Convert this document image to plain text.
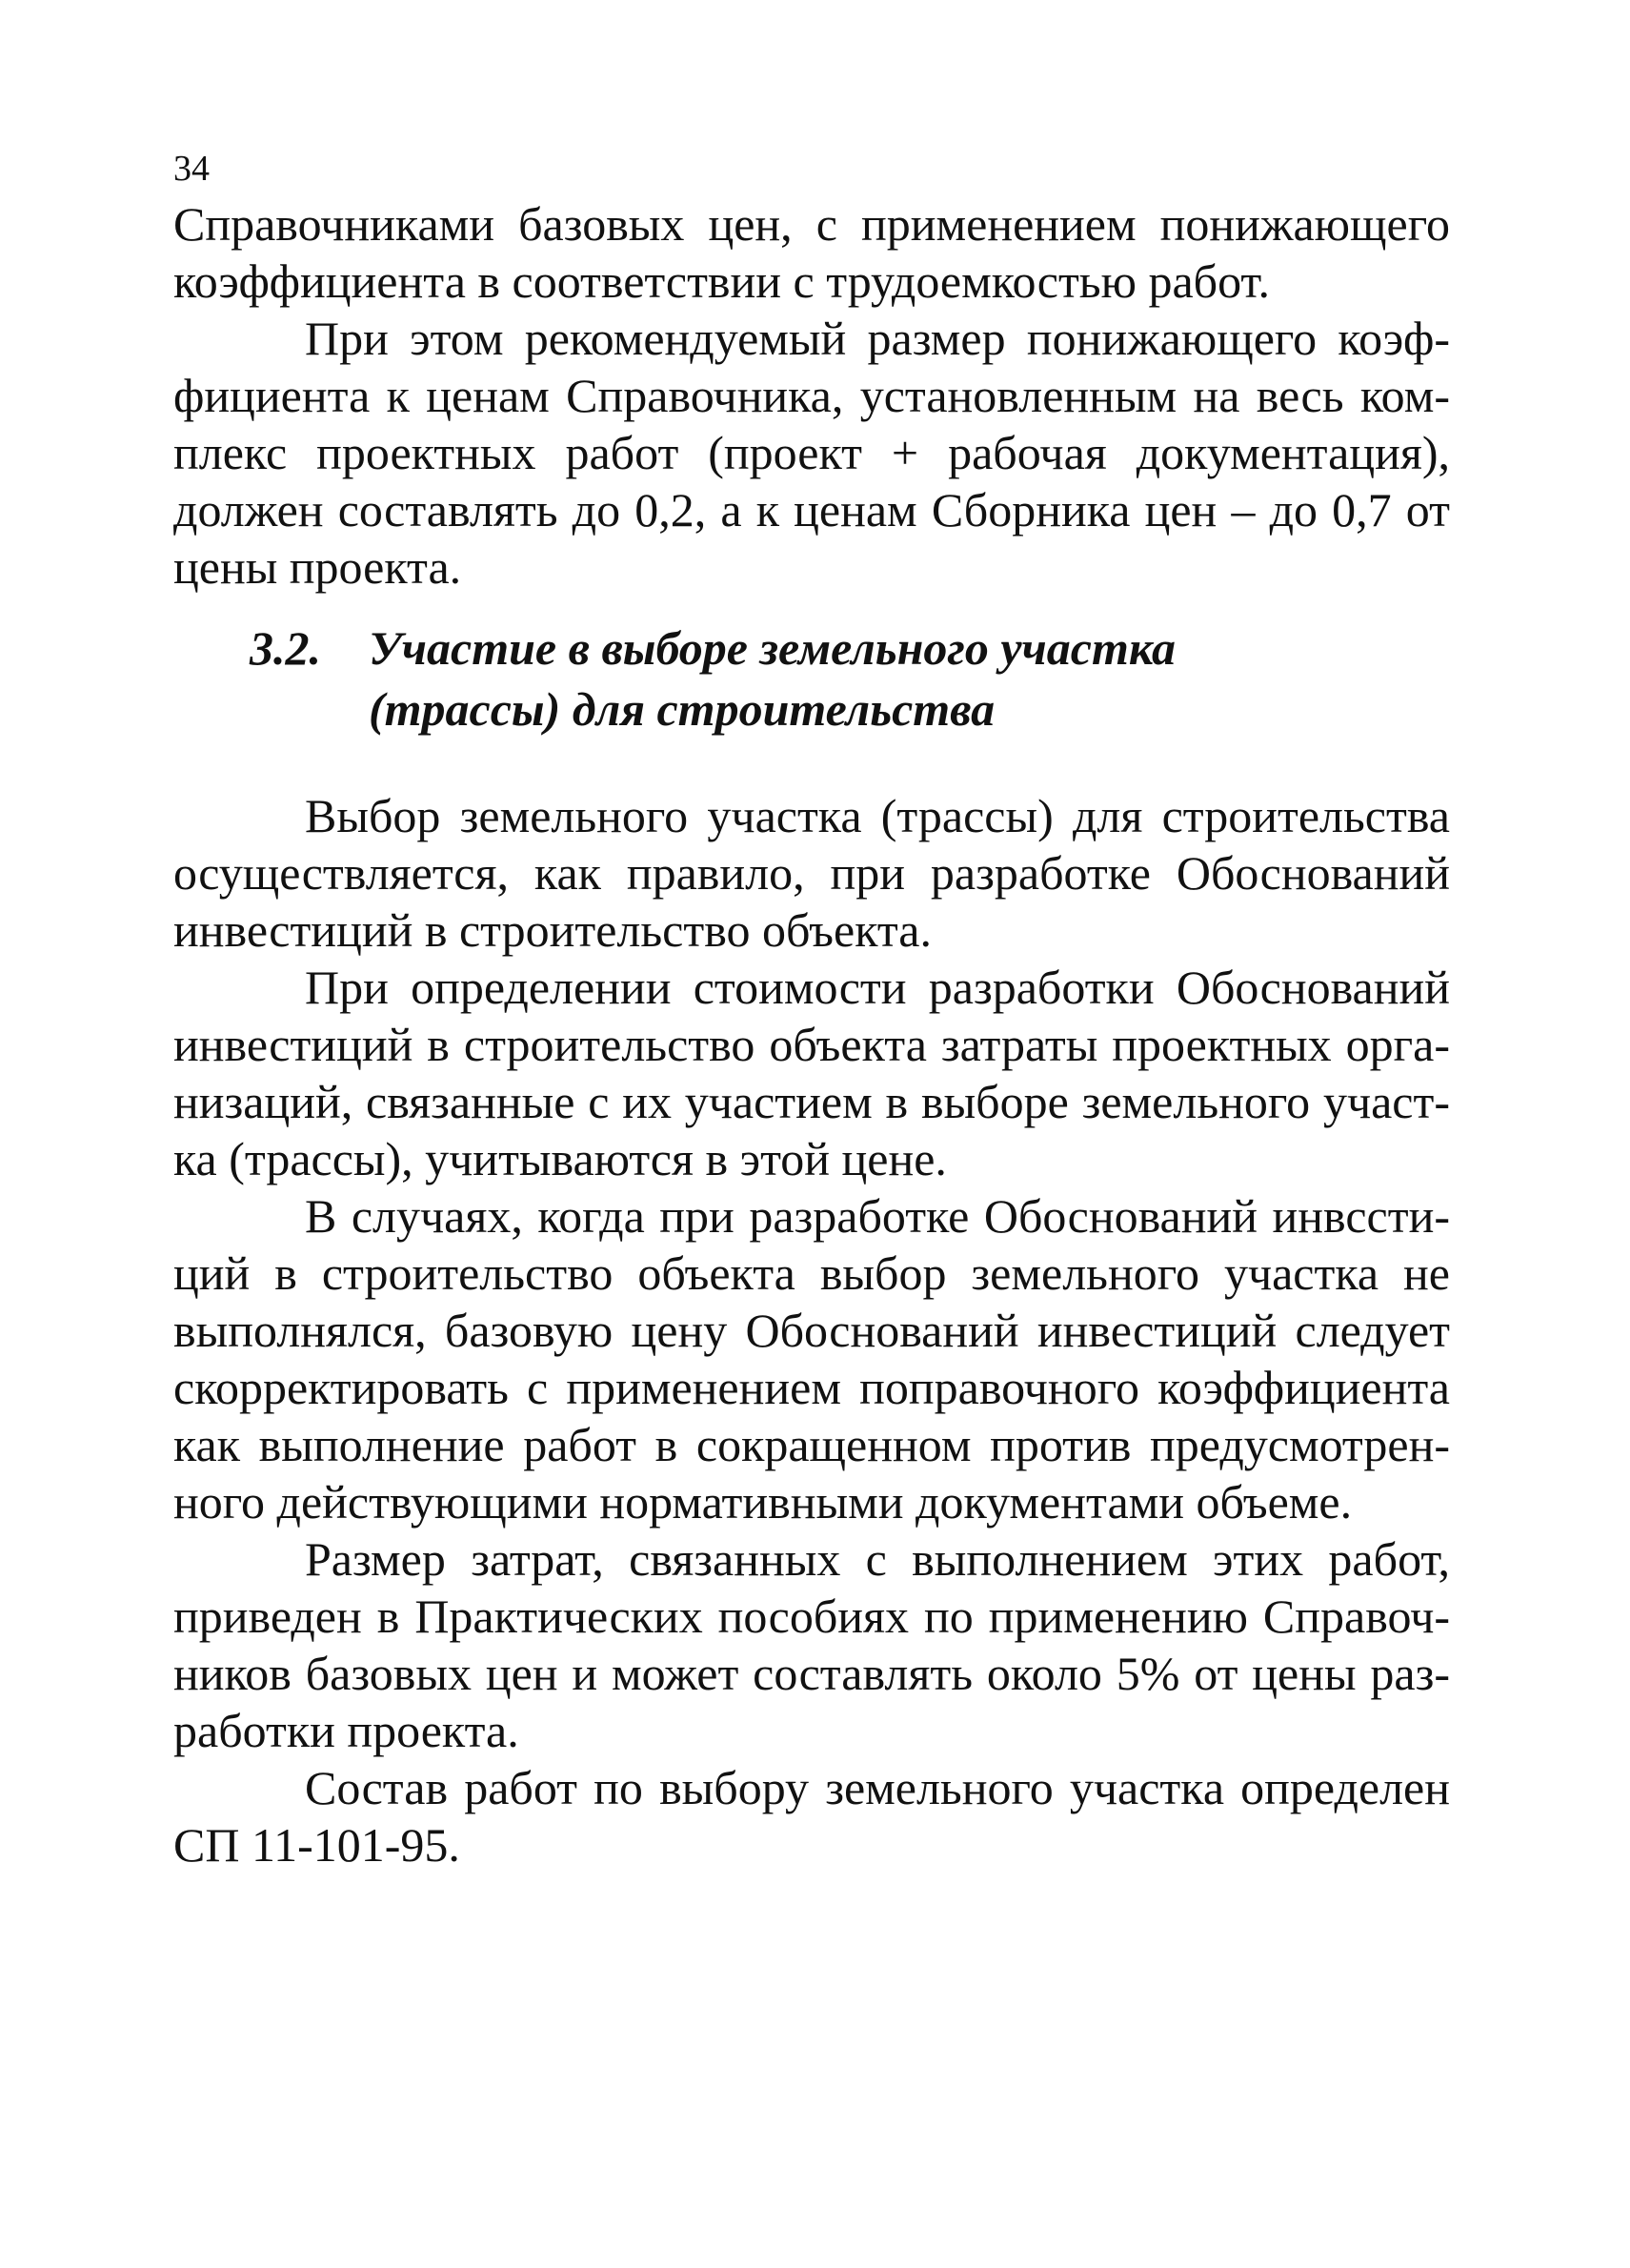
34
Справочниками базовых цен, с применением понижающего
коэффициента в соответствии с трудоемкостью работ.
При этом рекомендуемый размер понижающего коэф-
фициента к ценам Справочника, установленным на весь ком-
плекс проектных работ (проект + рабочая документация),
должен составлять до 0,2, а к ценам Сборника цен – до 0,7 от
цены проекта.
3.2. Участие в выборе земельного участка
(трассы) для строительства
Выбор земельного участка (трассы) для строительства
осуществляется, как правило, при разработке Обоснований
инвестиций в строительство объекта.
При определении стоимости разработки Обоснований
инвестиций в строительство объекта затраты проектных орга-
низаций, связанные с их участием в выборе земельного участ-
ка (трассы), учитываются в этой цене.
В случаях, когда при разработке Обоснований инвссти-
ций в строительство объекта выбор земельного участка не
выполнялся, базовую цену Обоснований инвестиций следует
скорректировать с применением поправочного коэффициента
как выполнение работ в сокращенном против предусмотрен-
ного действующими нормативными документами объеме.
Размер затрат, связанных с выполнением этих работ,
приведен в Практических пособиях по применению Справоч-
ников базовых цен и может составлять около 5% от цены раз-
работки проекта.
Состав работ по выбору земельного участка определен
СП 11-101-95.
